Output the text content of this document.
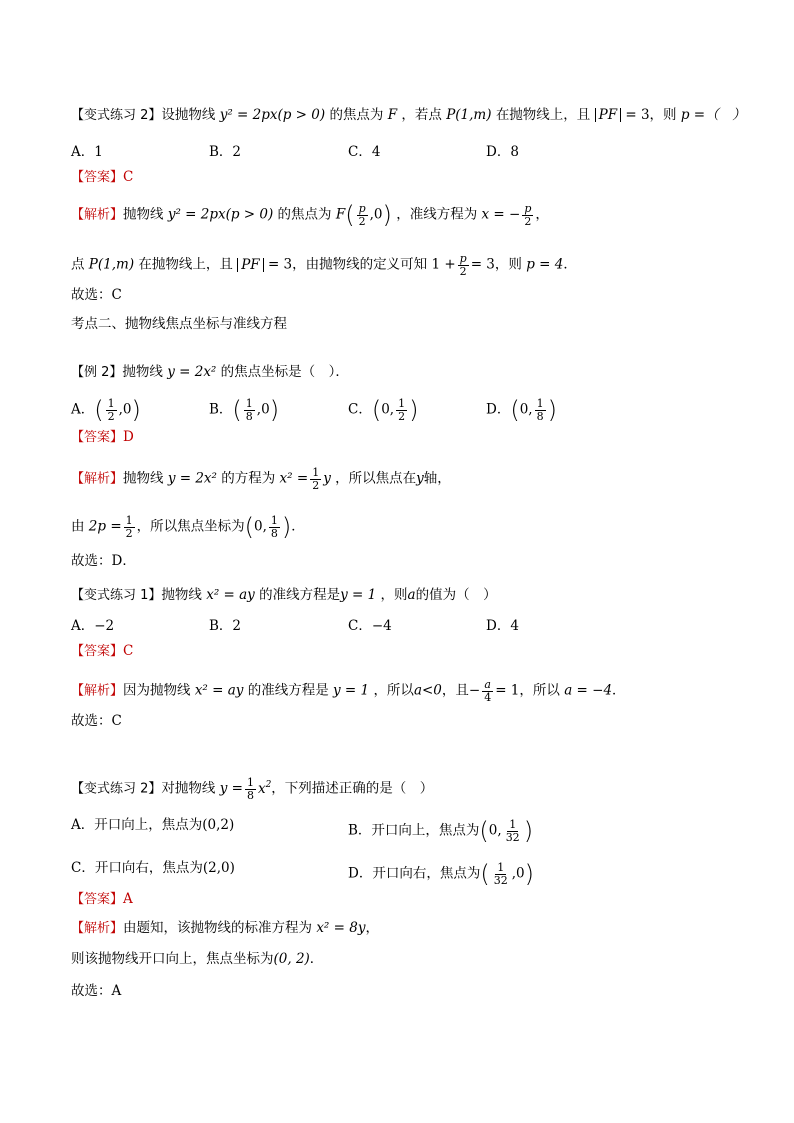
【变式练习 2】设抛物线 y² = 2px(p > 0) 的焦点为 F ，若点 P(1,m) 在抛物线上，且 PF = 3，则 p =（　）
A．1	B．2	C．4	D．8
【答案】C
【解析】抛物线 y² = 2px(p > 0) 的焦点为 $F( \frac{p}{2} ,0)$ ，准线方程为 x = − $\frac{p}{2}$ ，
点 P(1,m) 在抛物线上，且 PF = 3，由抛物线的定义可知 $1 + \frac{p}{2} = 3$，则 p = 4．
故选：C
考点二、抛物线焦点坐标与准线方程
【例 2】抛物线 y = 2x² 的焦点坐标是（　）．
A．( $\frac{1}{2} ,0$)	B．( $\frac{1}{8} ,0$)	C．(0, $\frac{1}{2}$ )	D．(0, $\frac{1}{8}$ )
【答案】D
【解析】抛物线 y = 2x² 的方程为 $x^2 = \frac{1}{2}$ y ，所以焦点在y轴，
由 $2p = \frac{1}{2}$ ，所以焦点坐标为(0, $\frac{1}{8}$ )．
故选：D．
【变式练习 1】抛物线 x² = ay 的准线方程是y = 1 ，则a的值为（　）
A．−2	B．2	C．−4	D．4
【答案】C
【解析】因为抛物线 x² = ay 的准线方程是 y = 1 ，所以a<0，且− $\frac{a}{4} = 1$，所以 a = −4．
故选：C
【变式练习 2】对抛物线 $y = \frac{1}{8} x^2$，下列描述正确的是（　）
A．开口向上，焦点为(0,2)	B．开口向上，焦点为(0, $\frac{1}{32}$ )
C．开口向右，焦点为(2,0)	D．开口向右，焦点为( $\frac{1}{32} ,0$)
【答案】A
【解析】由题知，该抛物线的标准方程为 x² = 8y，
则该抛物线开口向上，焦点坐标为(0, 2)．
故选：A
